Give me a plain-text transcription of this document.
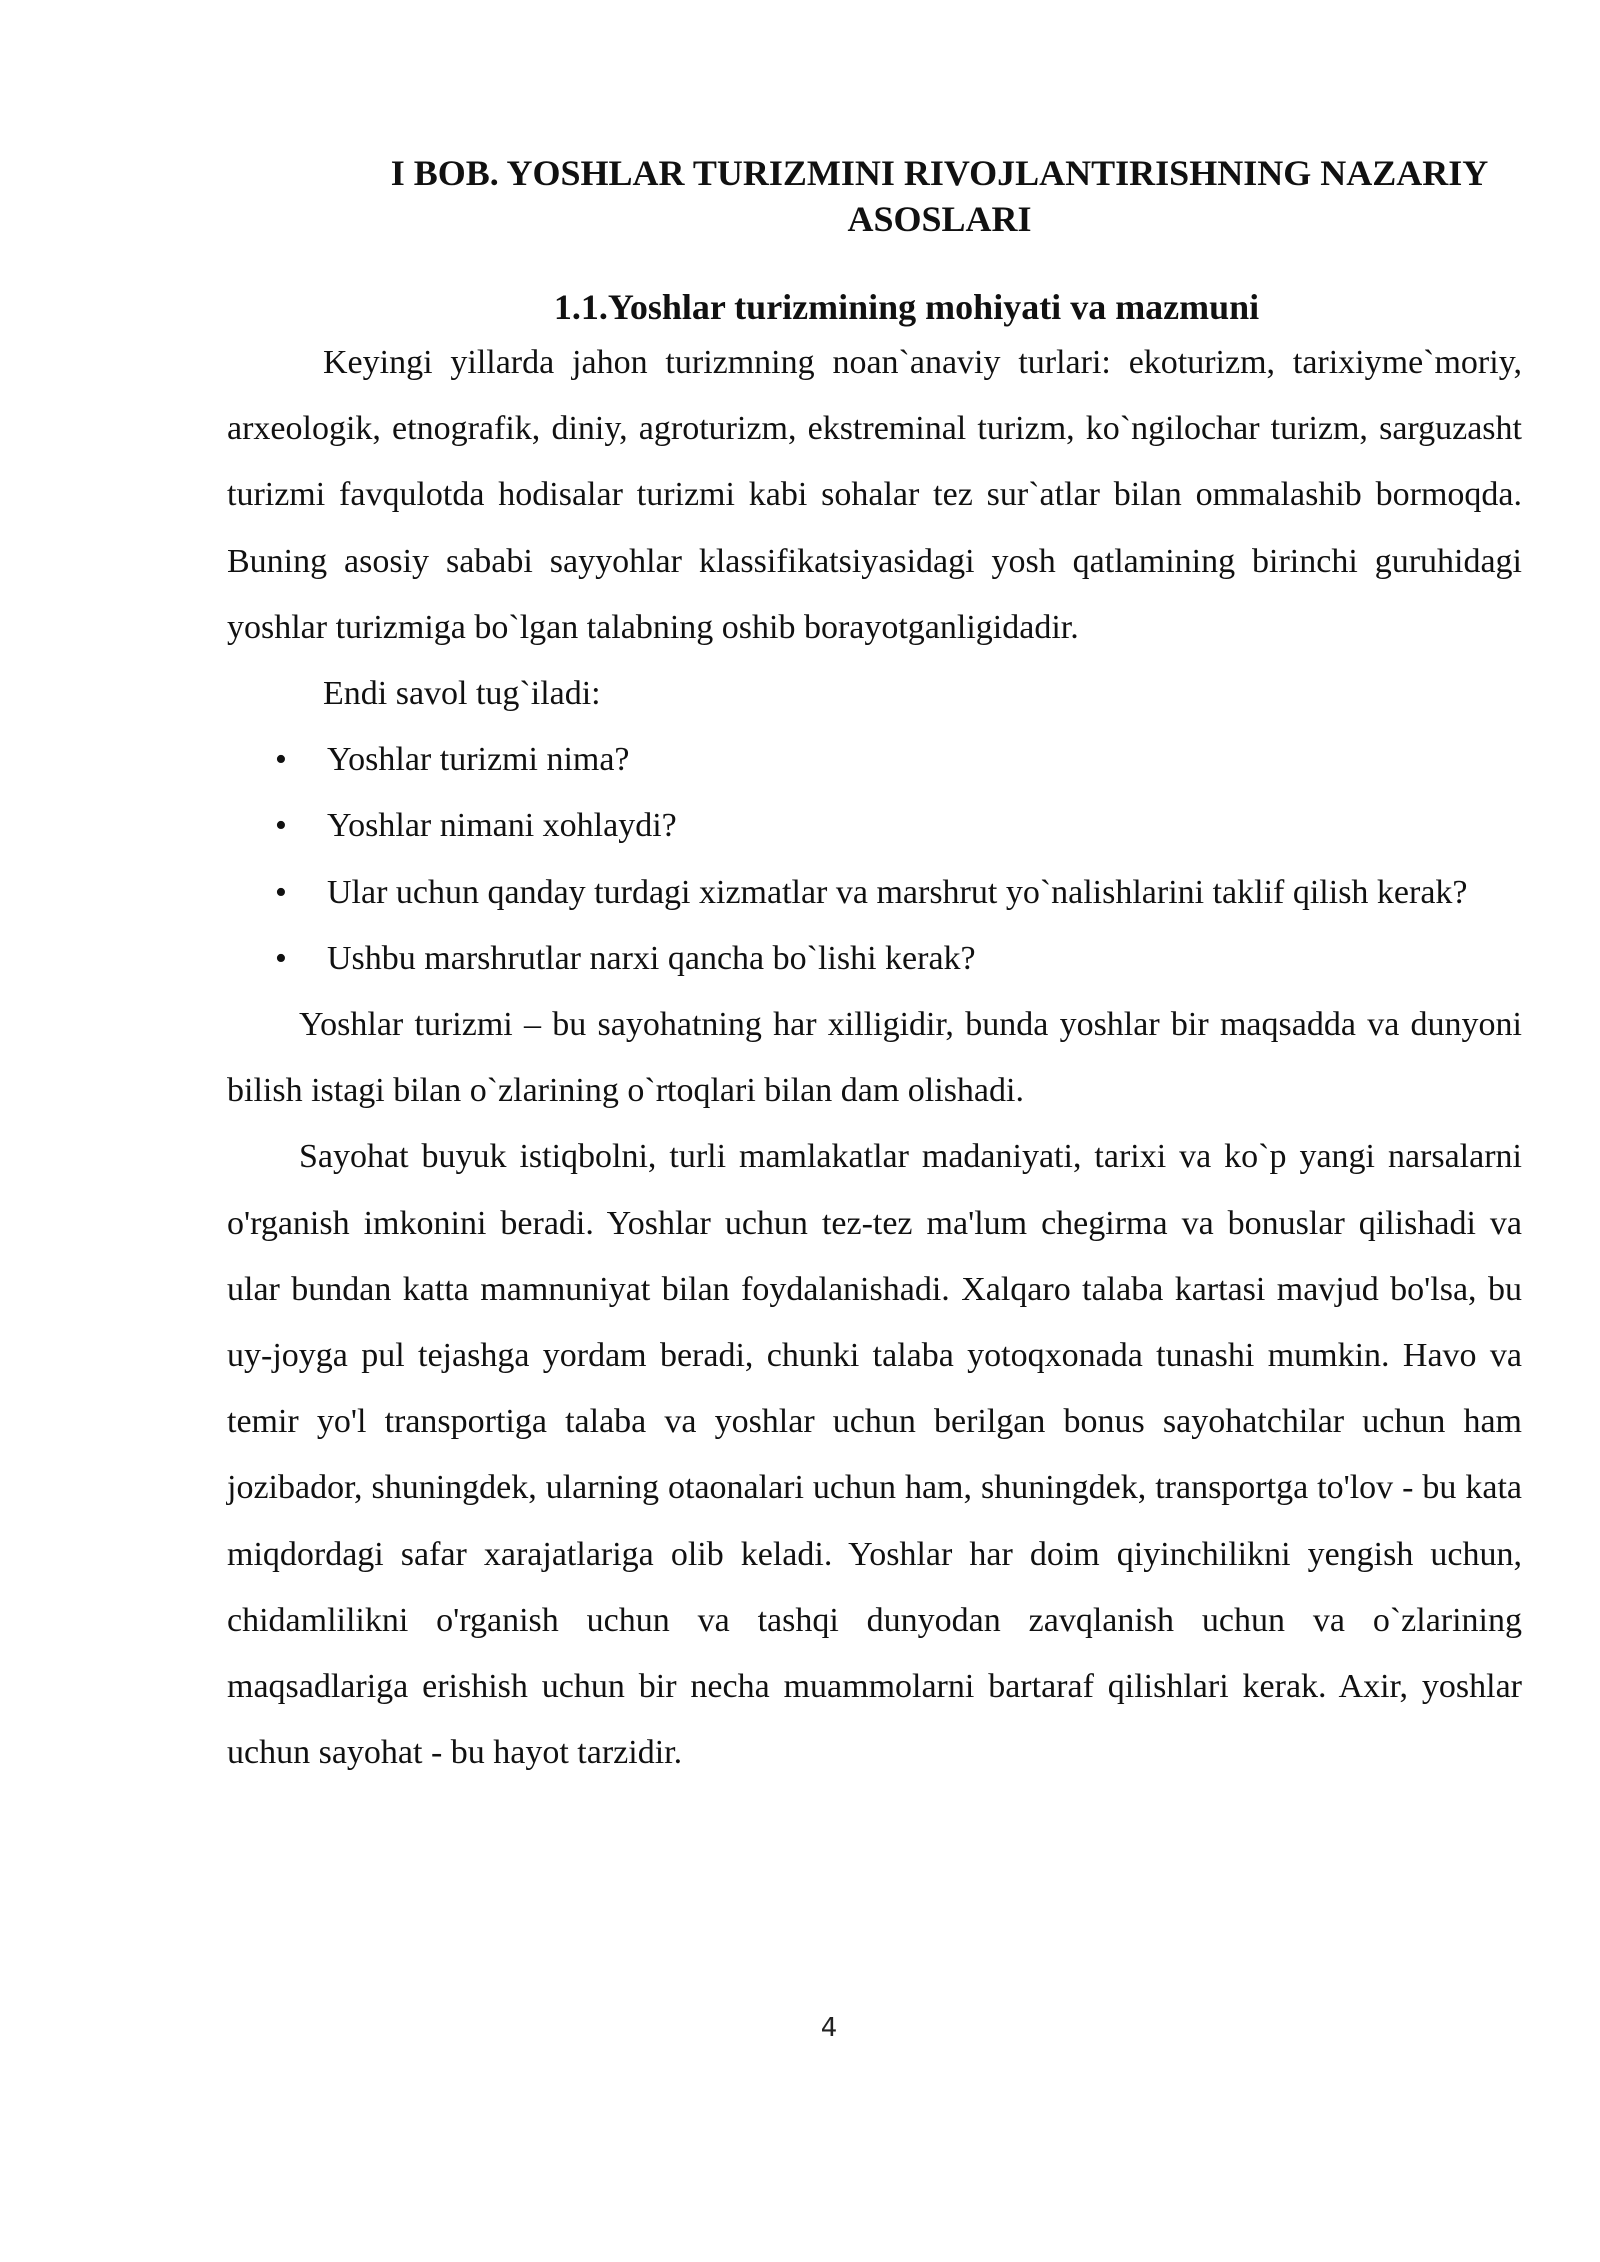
I BOB. YOSHLAR TURIZMINI RIVOJLANTIRISHNING NAZARIY ASOSLARI
1.1.Yoshlar turizmining mohiyati va mazmuni

Keyingi yillarda jahon turizmning noan`anaviy turlari: ekoturizm, tarixiyme`moriy, arxeologik, etnografik, diniy, agroturizm, ekstreminal turizm, ko`ngilochar turizm, sarguzasht turizmi favqulotda hodisalar turizmi kabi sohalar tez sur`atlar bilan ommalashib bormoqda. Buning asosiy sababi sayyohlar klassifikatsiyasidagi yosh qatlamining birinchi guruhidagi yoshlar turizmiga bo`lgan talabning oshib borayotganligidadir.

Endi savol tug`iladi:

• Yoshlar turizmi nima?
• Yoshlar nimani xohlaydi?
• Ular uchun qanday turdagi xizmatlar va marshrut yo`nalishlarini taklif qilish kerak?
• Ushbu marshrutlar narxi qancha bo`lishi kerak?

Yoshlar turizmi – bu sayohatning har xilligidir, bunda yoshlar bir maqsadda va dunyoni bilish istagi bilan o`zlarining o`rtoqlari bilan dam olishadi.

Sayohat buyuk istiqbolni, turli mamlakatlar madaniyati, tarixi va ko`p yangi narsalarni o'rganish imkonini beradi. Yoshlar uchun tez-tez ma'lum chegirma va bonuslar qilishadi va ular bundan katta mamnuniyat bilan foydalanishadi. Xalqaro talaba kartasi mavjud bo'lsa, bu uy-joyga pul tejashga yordam beradi, chunki talaba yotoqxonada tunashi mumkin. Havo va temir yo'l transportiga talaba va yoshlar uchun berilgan bonus sayohatchilar uchun ham jozibador, shuningdek, ularning otaonalari uchun ham, shuningdek, transportga to'lov - bu kata miqdordagi safar xarajatlariga olib keladi. Yoshlar har doim qiyinchilikni yengish uchun, chidamlilikni o'rganish uchun va tashqi dunyodan zavqlanish uchun va o`zlarining maqsadlariga erishish uchun bir necha muammolarni bartaraf qilishlari kerak. Axir, yoshlar uchun sayohat - bu hayot tarzidir.

4
